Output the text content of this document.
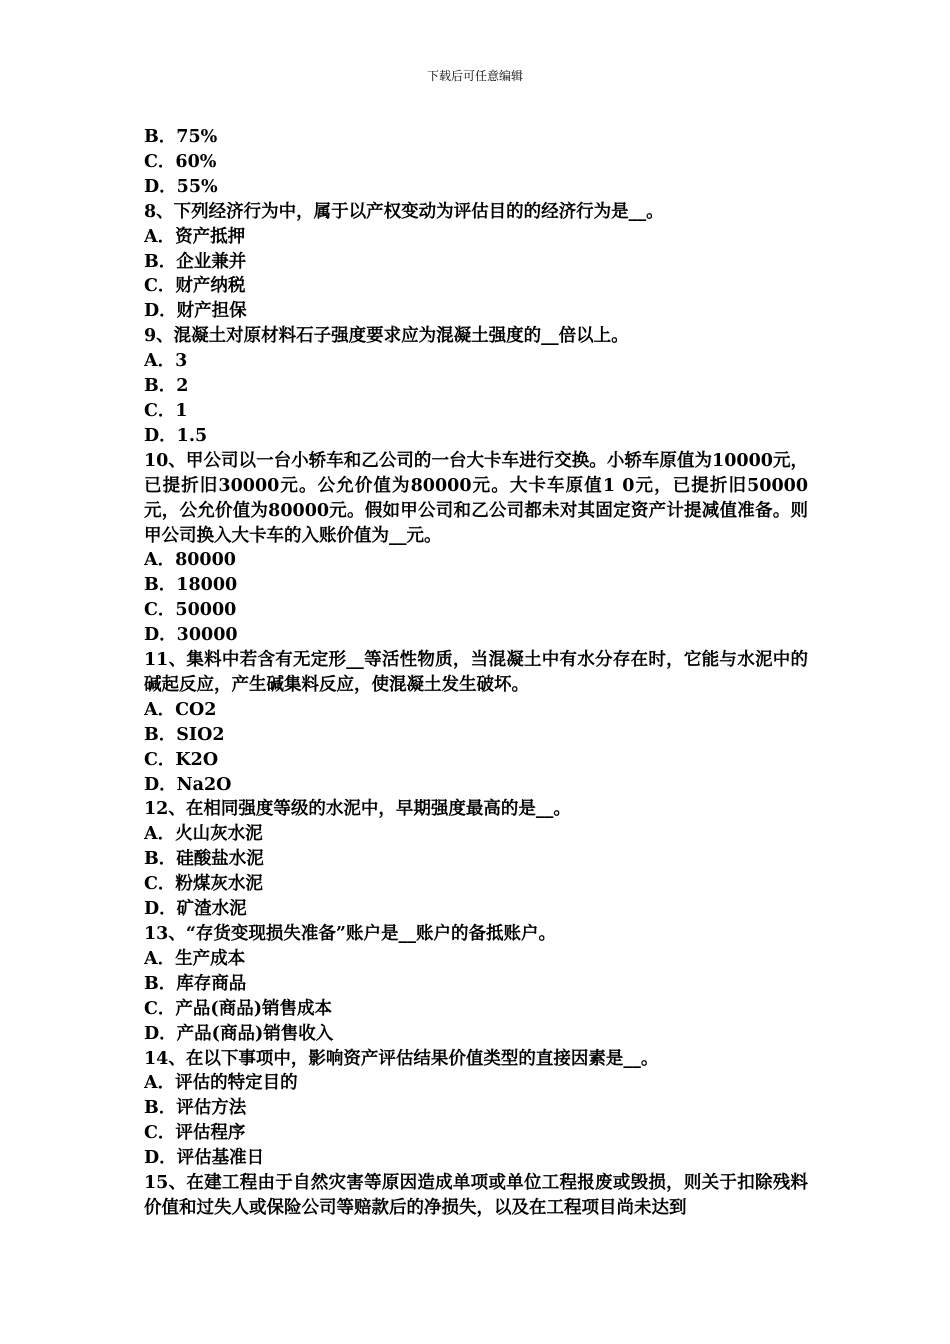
下载后可任意编辑
B．75%
C．60%
D．55%
8、下列经济行为中，属于以产权变动为评估目的的经济行为是__。
A．资产抵押
B．企业兼并
C．财产纳税
D．财产担保
9、混凝土对原材料石子强度要求应为混凝土强度的__倍以上。
A．3
B．2
C．1
D．1.5
10、甲公司以一台小轿车和乙公司的一台大卡车进行交换。小轿车原值为10000元，已提折旧30000元。公允价值为80000元。大卡车原值1 0元，已提折旧50000元，公允价值为80000元。假如甲公司和乙公司都未对其固定资产计提减值准备。则甲公司换入大卡车的入账价值为__元。
A．80000
B．18000
C．50000
D．30000
11、集料中若含有无定形__等活性物质，当混凝土中有水分存在时，它能与水泥中的碱起反应，产生碱集料反应，使混凝土发生破坏。
A．CO2
B．SIO2
C．K2O
D．Na2O
12、在相同强度等级的水泥中，早期强度最高的是__。
A．火山灰水泥
B．硅酸盐水泥
C．粉煤灰水泥
D．矿渣水泥
13、“存货变现损失准备”账户是__账户的备抵账户。
A．生产成本
B．库存商品
C．产品(商品)销售成本
D．产品(商品)销售收入
14、在以下事项中，影响资产评估结果价值类型的直接因素是__。
A．评估的特定目的
B．评估方法
C．评估程序
D．评估基准日
15、在建工程由于自然灾害等原因造成单项或单位工程报废或毁损，则关于扣除残料价值和过失人或保险公司等赔款后的净损失，以及在工程项目尚未达到
